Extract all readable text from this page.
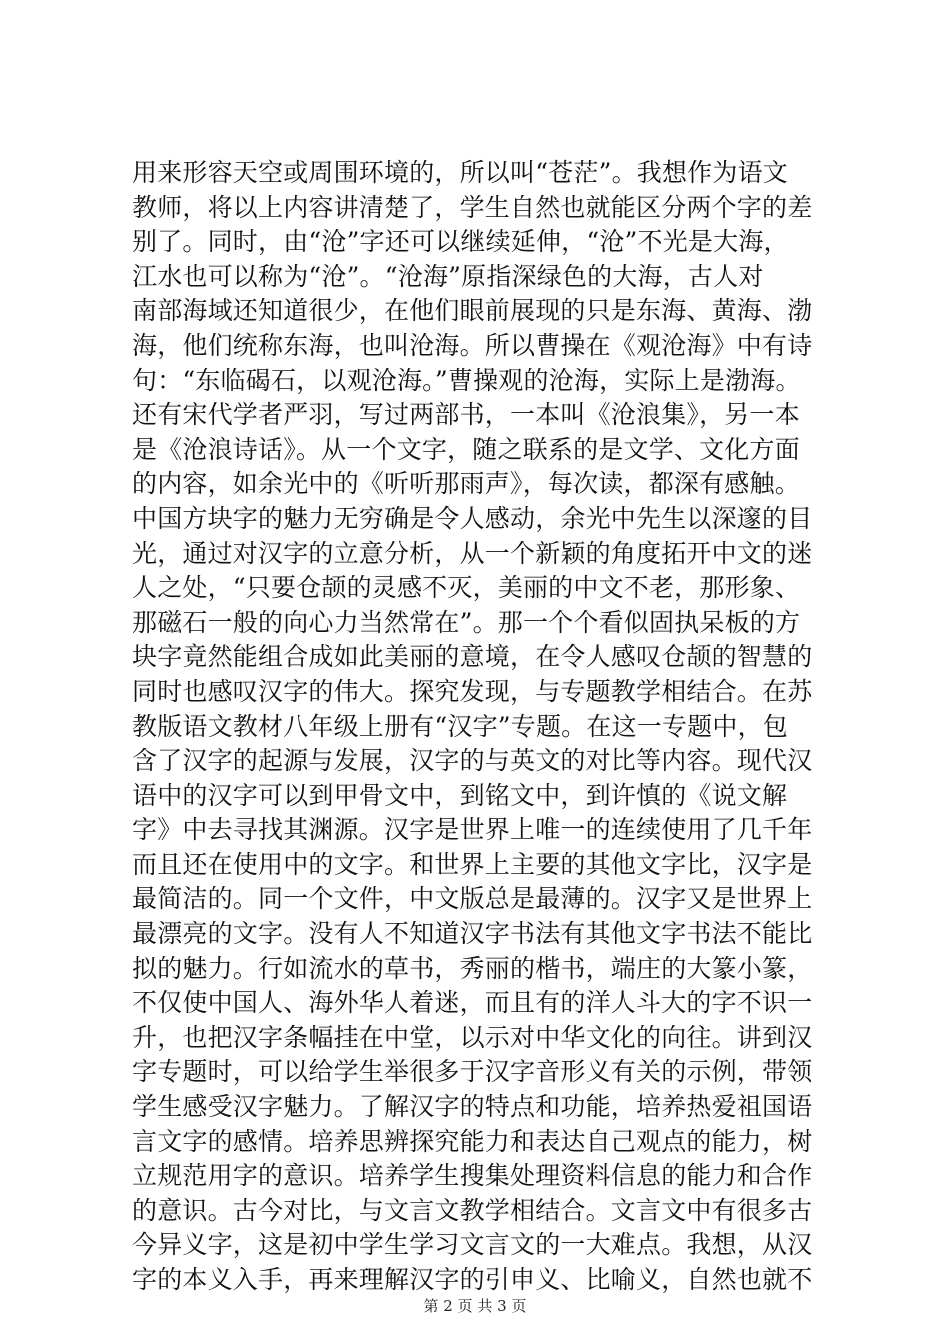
用来形容天空或周围环境的，所以叫“苍茫”。我想作为语文
教师，将以上内容讲清楚了，学生自然也就能区分两个字的差
别了。同时，由“沧”字还可以继续延伸，“沧”不光是大海，
江水也可以称为“沧”。“沧海”原指深绿色的大海，古人对
南部海域还知道很少，在他们眼前展现的只是东海、黄海、渤
海，他们统称东海，也叫沧海。所以曹操在《观沧海》中有诗
句：“东临碣石，以观沧海。”曹操观的沧海，实际上是渤海。
还有宋代学者严羽，写过两部书，一本叫《沧浪集》，另一本
是《沧浪诗话》。从一个文字，随之联系的是文学、文化方面
的内容，如余光中的《听听那雨声》，每次读，都深有感触。
中国方块字的魅力无穷确是令人感动，余光中先生以深邃的目
光，通过对汉字的立意分析，从一个新颖的角度拓开中文的迷
人之处，“只要仓颉的灵感不灭，美丽的中文不老，那形象、
那磁石一般的向心力当然常在”。那一个个看似固执呆板的方
块字竟然能组合成如此美丽的意境，在令人感叹仓颉的智慧的
同时也感叹汉字的伟大。探究发现，与专题教学相结合。在苏
教版语文教材八年级上册有“汉字”专题。在这一专题中，包
含了汉字的起源与发展，汉字的与英文的对比等内容。现代汉
语中的汉字可以到甲骨文中，到铭文中，到许慎的《说文解
字》中去寻找其渊源。汉字是世界上唯一的连续使用了几千年
而且还在使用中的文字。和世界上主要的其他文字比，汉字是
最简洁的。同一个文件，中文版总是最薄的。汉字又是世界上
最漂亮的文字。没有人不知道汉字书法有其他文字书法不能比
拟的魅力。行如流水的草书，秀丽的楷书，端庄的大篆小篆，
不仅使中国人、海外华人着迷，而且有的洋人斗大的字不识一
升，也把汉字条幅挂在中堂，以示对中华文化的向往。讲到汉
字专题时，可以给学生举很多于汉字音形义有关的示例，带领
学生感受汉字魅力。了解汉字的特点和功能，培养热爱祖国语
言文字的感情。培养思辨探究能力和表达自己观点的能力，树
立规范用字的意识。培养学生搜集处理资料信息的能力和合作
的意识。古今对比，与文言文教学相结合。文言文中有很多古
今异义字，这是初中学生学习文言文的一大难点。我想，从汉
字的本义入手，再来理解汉字的引申义、比喻义，自然也就不
第 2 页 共 3 页
